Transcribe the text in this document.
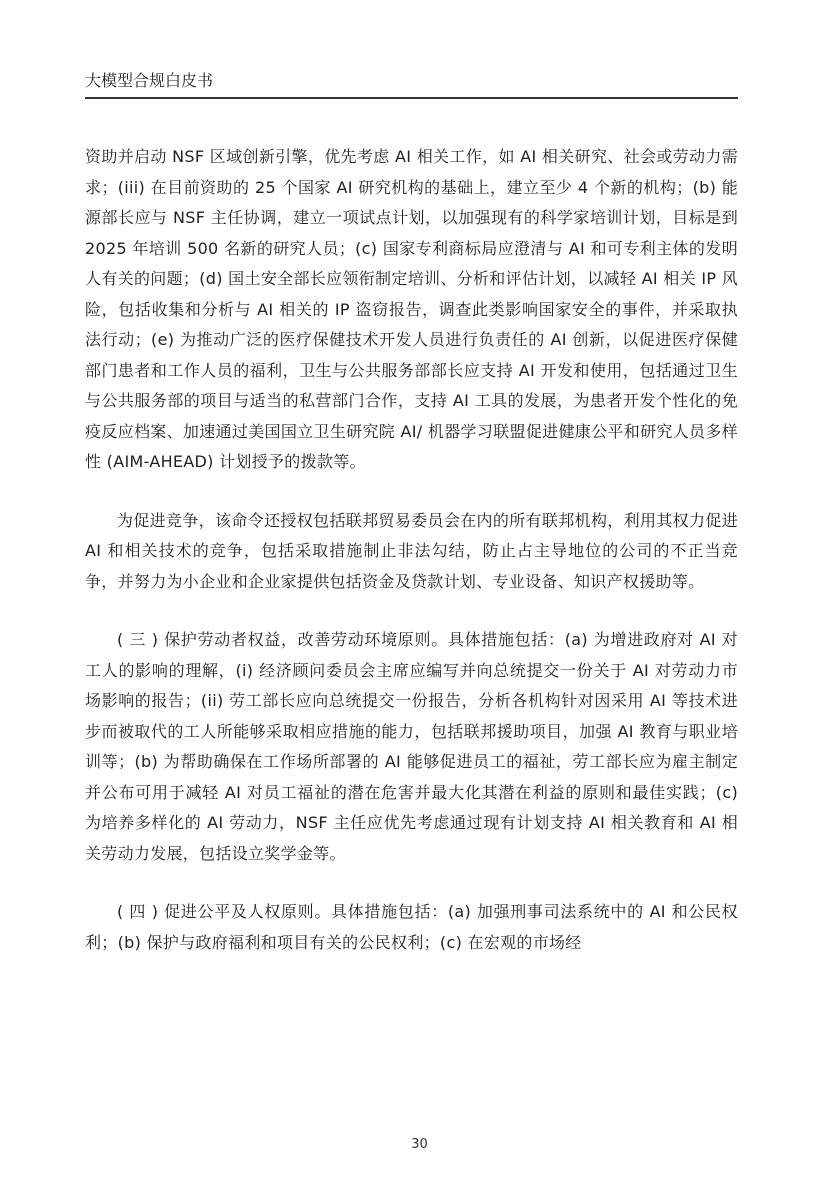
大模型合规白皮书

资助并启动 NSF 区域创新引擎，优先考虑 AI 相关工作，如 AI 相关研究、社会或劳动力需求；(iii) 在目前资助的 25 个国家 AI 研究机构的基础上，建立至少 4 个新的机构；(b) 能源部长应与 NSF 主任协调，建立一项试点计划，以加强现有的科学家培训计划，目标是到 2025 年培训 500 名新的研究人员；(c) 国家专利商标局应澄清与 AI 和可专利主体的发明人有关的问题；(d) 国土安全部长应领衔制定培训、分析和评估计划，以减轻 AI 相关 IP 风险，包括收集和分析与 AI 相关的 IP 盗窃报告，调查此类影响国家安全的事件，并采取执法行动；(e) 为推动广泛的医疗保健技术开发人员进行负责任的 AI 创新，以促进医疗保健部门患者和工作人员的福利，卫生与公共服务部部长应支持 AI 开发和使用，包括通过卫生与公共服务部的项目与适当的私营部门合作，支持 AI 工具的发展，为患者开发个性化的免疫反应档案、加速通过美国国立卫生研究院 AI/ 机器学习联盟促进健康公平和研究人员多样性 (AIM-AHEAD) 计划授予的拨款等。

为促进竞争，该命令还授权包括联邦贸易委员会在内的所有联邦机构，利用其权力促进 AI 和相关技术的竞争，包括采取措施制止非法勾结，防止占主导地位的公司的不正当竞争，并努力为小企业和企业家提供包括资金及贷款计划、专业设备、知识产权援助等。

( 三 ) 保护劳动者权益，改善劳动环境原则。具体措施包括：(a) 为增进政府对 AI 对工人的影响的理解，(i) 经济顾问委员会主席应编写并向总统提交一份关于 AI 对劳动力市场影响的报告；(ii) 劳工部长应向总统提交一份报告，分析各机构针对因采用 AI 等技术进步而被取代的工人所能够采取相应措施的能力，包括联邦援助项目，加强 AI 教育与职业培训等；(b) 为帮助确保在工作场所部署的 AI 能够促进员工的福祉，劳工部长应为雇主制定并公布可用于减轻 AI 对员工福祉的潜在危害并最大化其潜在利益的原则和最佳实践；(c) 为培养多样化的 AI 劳动力，NSF 主任应优先考虑通过现有计划支持 AI 相关教育和 AI 相关劳动力发展，包括设立奖学金等。

( 四 ) 促进公平及人权原则。具体措施包括：(a) 加强刑事司法系统中的 AI 和公民权利；(b) 保护与政府福利和项目有关的公民权利；(c) 在宏观的市场经

30
